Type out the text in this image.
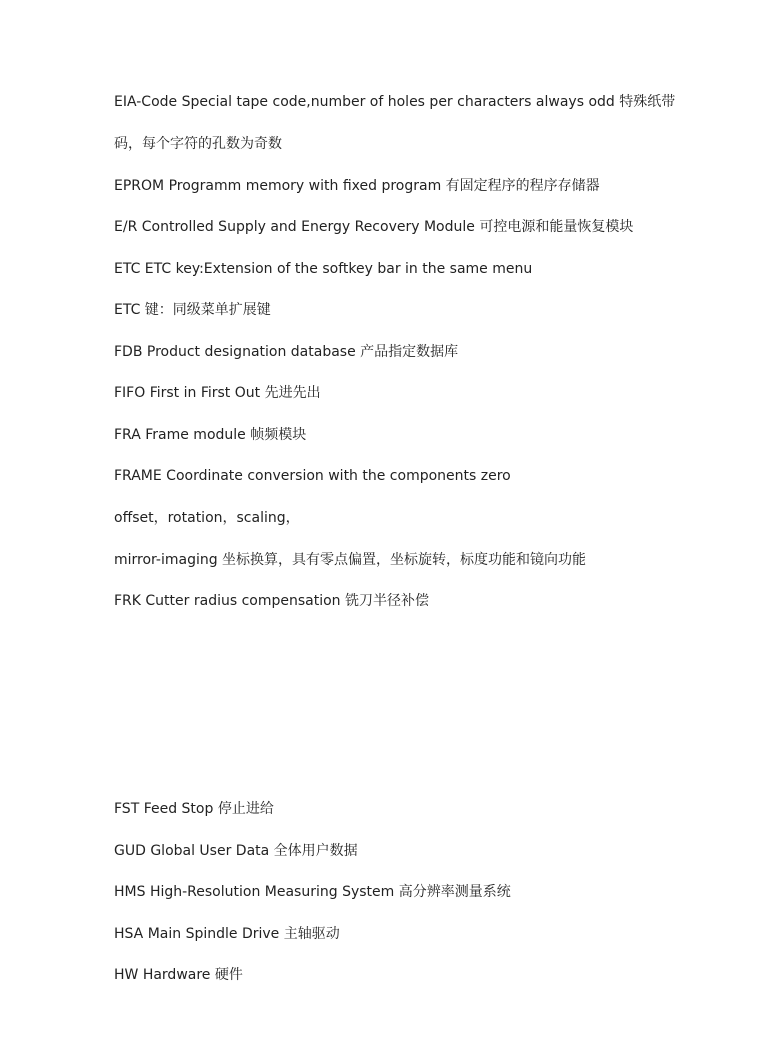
EIA-Code Special tape code,number of holes per characters always odd 特殊纸带
码，每个字符的孔数为奇数
EPROM Programm memory with fixed program 有固定程序的程序存储器
E/R Controlled Supply and Energy Recovery Module 可控电源和能量恢复模块
ETC ETC key:Extension of the softkey bar in the same menu
ETC 键：同级菜单扩展键
FDB Product designation database 产品指定数据库
FIFO First in First Out 先进先出
FRA Frame module 帧频模块
FRAME Coordinate conversion with the components zero
offset，rotation，scaling，
mirror-imaging 坐标换算，具有零点偏置，坐标旋转，标度功能和镜向功能
FRK Cutter radius compensation 铣刀半径补偿
FST Feed Stop 停止进给
GUD Global User Data 全体用户数据
HMS High-Resolution Measuring System 高分辨率测量系统
HSA Main Spindle Drive 主轴驱动
HW Hardware 硬件
